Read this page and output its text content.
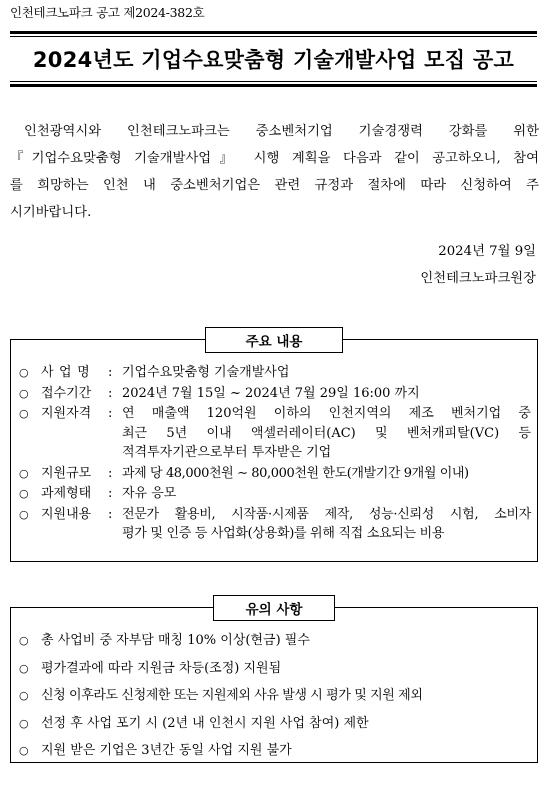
인천테크노파크 공고 제2024-382호
2024년도 기업수요맞춤형 기술개발사업 모집 공고

인천광역시와 인천테크노파크는 중소벤처기업 기술경쟁력 강화를 위한
『기업수요맞춤형 기술개발사업』 시행 계획을 다음과 같이 공고하오니, 참여
를 희망하는 인천 내 중소벤처기업은 관련 규정과 절차에 따라 신청하여 주
시기바랍니다.

2024년 7월 9일
인천테크노파크원장
주요 내용
○ 사업명 : 기업수요맞춤형 기술개발사업
○ 접수기간	: 2024년 7월 15일 ~ 2024년 7월 29일 16:00 까지
○ 지원자격	: 연 매출액 120억원 이하의 인천지역의 제조 벤처기업 중
최근 5년 이내 액셀러레이터(AC) 및 벤처캐피탈(VC) 등
적격투자기관으로부터 투자받은 기업
○ 지원규모	: 과제 당 48,000천원 ∼ 80,000천원 한도(개발기간 9개월 이내)
○ 과제형태	: 자유 응모
○ 지원내용	: 전문가 활용비, 시작품·시제품 제작, 성능·신뢰성 시험, 소비자
평가 및 인증 등 사업화(상용화)를 위해 직접 소요되는 비용
유의 사항
○ 총 사업비 중 자부담 매칭 10% 이상(현금) 필수
○ 평가결과에 따라 지원금 차등(조정) 지원됨
○ 신청 이후라도 신청제한 또는 지원제외 사유 발생 시 평가 및 지원 제외
○ 선정 후 사업 포기 시 (2년 내 인천시 지원 사업 참여) 제한
○ 지원 받은 기업은 3년간 동일 사업 지원 불가
